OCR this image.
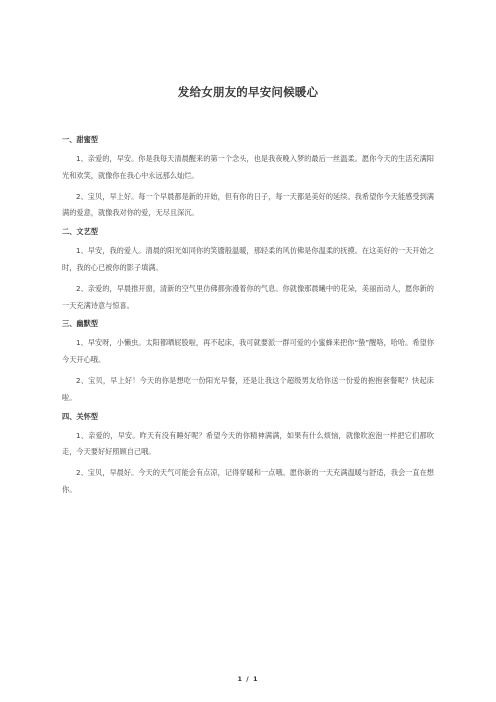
发给女朋友的早安问候暖心
一、甜蜜型

1、亲爱的，早安。你是我每天清晨醒来的第一个念头，也是我夜晚入梦的最后一丝温柔。愿你今天的生活充满阳光和欢笑，就像你在我心中永远那么灿烂。

2、宝贝，早上好。每一个早晨都是新的开始，但有你的日子，每一天都是美好的延续。我希望你今天能感受到满满的爱意，就像我对你的爱，无尽且深沉。

二、文艺型

1、早安，我的爱人。清晨的阳光如同你的笑靥般温暖，那轻柔的风仿佛是你温柔的抚摸。在这美好的一天开始之时，我的心已被你的影子填满。

2、亲爱的，早晨推开窗，清新的空气里仿佛都弥漫着你的气息。你就像那晨曦中的花朵，美丽而动人，愿你新的一天充满诗意与惊喜。

三、幽默型

1、早安呀，小懒虫。太阳都晒屁股啦，再不起床，我可就要派一群可爱的小蜜蜂来把你“蛰”醒咯，哈哈。希望你今天开心哦。

2、宝贝，早上好！今天的你是想吃一份阳光早餐，还是让我这个超级男友给你送一份爱的抱抱套餐呢？快起床啦。

四、关怀型

1、亲爱的，早安。昨天有没有睡好呢？希望今天的你精神满满，如果有什么烦恼，就像吹泡泡一样把它们都吹走，今天要好好照顾自己哦。

2、宝贝，早晨好。今天的天气可能会有点凉，记得穿暖和一点哦。愿你新的一天充满温暖与舒适，我会一直在想你。

1 / 1
